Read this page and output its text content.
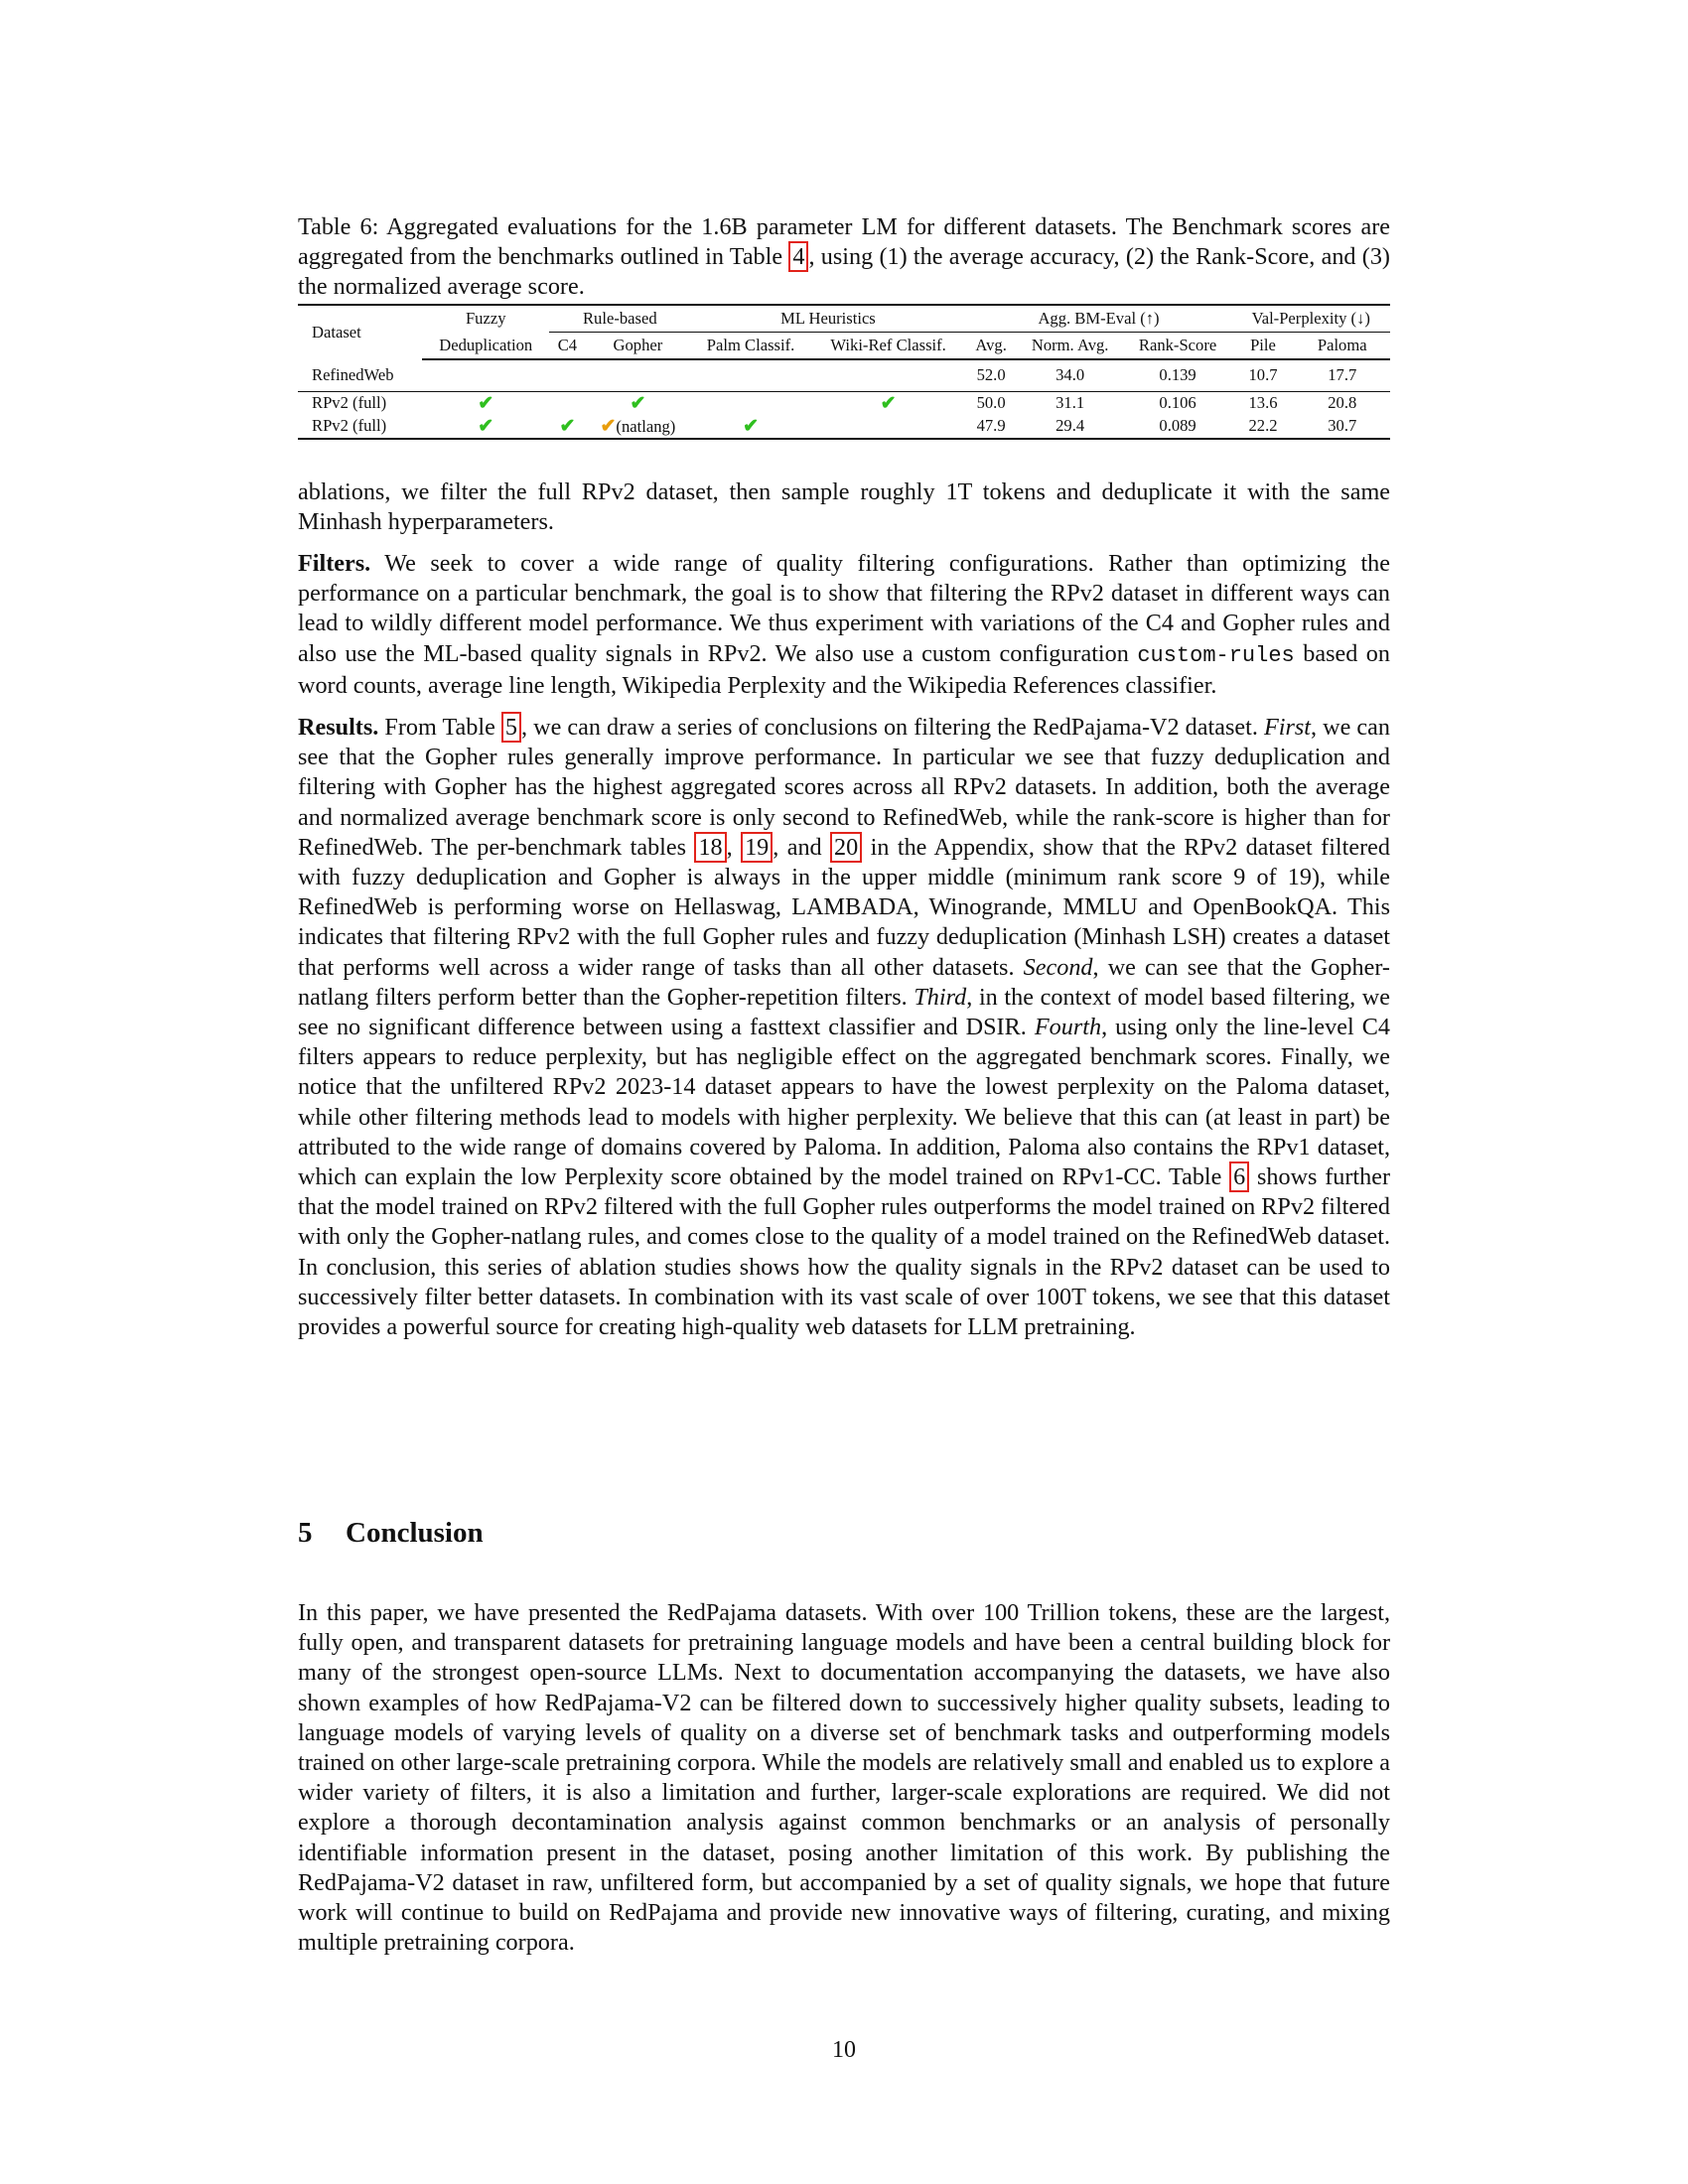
Table 6: Aggregated evaluations for the 1.6B parameter LM for different datasets. The Benchmark scores are aggregated from the benchmarks outlined in Table 4 , using (1) the average accuracy, (2) the Rank-Score, and (3) the normalized average score.

Dataset	Fuzzy	Rule-based		ML Heuristics		Agg. BM-Eval (↑)			Val-Perplexity (↓)	
	Deduplication	C4	Gopher	Palm Classif.	Wiki-Ref Classif.	Avg.	Norm. Avg.	Rank-Score	Pile	Paloma
RefinedWeb						52.0	34.0	0.139	10.7	17.7
RPv2 (full)	✔		✔		✔	50.0	31.1	0.106	13.6	20.8
RPv2 (full)	✔	✔	✔(natlang)	✔		47.9	29.4	0.089	22.2	30.7

ablations, we filter the full RPv2 dataset, then sample roughly 1T tokens and deduplicate it with the same Minhash hyperparameters.

Filters. We seek to cover a wide range of quality filtering configurations. Rather than optimizing the performance on a particular benchmark, the goal is to show that filtering the RPv2 dataset in different ways can lead to wildly different model performance. We thus experiment with variations of the C4 and Gopher rules and also use the ML-based quality signals in RPv2. We also use a custom configuration custom-rules based on word counts, average line length, Wikipedia Perplexity and the Wikipedia References classifier.

Results. From Table 5 , we can draw a series of conclusions on filtering the RedPajama-V2 dataset. First, we can see that the Gopher rules generally improve performance. In particular we see that fuzzy deduplication and filtering with Gopher has the highest aggregated scores across all RPv2 datasets. In addition, both the average and normalized average benchmark score is only second to RefinedWeb, while the rank-score is higher than for RefinedWeb. The per-benchmark tables 18 , 19 , and 20 in the Appendix, show that the RPv2 dataset filtered with fuzzy deduplication and Gopher is always in the upper middle (minimum rank score 9 of 19), while RefinedWeb is performing worse on Hellaswag, LAMBADA, Winogrande, MMLU and OpenBookQA. This indicates that filtering RPv2 with the full Gopher rules and fuzzy deduplication (Minhash LSH) creates a dataset that performs well across a wider range of tasks than all other datasets. Second, we can see that the Gopher-natlang filters perform better than the Gopher-repetition filters. Third, in the context of model based filtering, we see no significant difference between using a fasttext classifier and DSIR. Fourth, using only the line-level C4 filters appears to reduce perplexity, but has negligible effect on the aggregated benchmark scores. Finally, we notice that the unfiltered RPv2 2023-14 dataset appears to have the lowest perplexity on the Paloma dataset, while other filtering methods lead to models with higher perplexity. We believe that this can (at least in part) be attributed to the wide range of domains covered by Paloma. In addition, Paloma also contains the RPv1 dataset, which can explain the low Perplexity score obtained by the model trained on RPv1-CC. Table 6 shows further that the model trained on RPv2 filtered with the full Gopher rules outperforms the model trained on RPv2 filtered with only the Gopher-natlang rules, and comes close to the quality of a model trained on the RefinedWeb dataset. In conclusion, this series of ablation studies shows how the quality signals in the RPv2 dataset can be used to successively filter better datasets. In combination with its vast scale of over 100T tokens, we see that this dataset provides a powerful source for creating high-quality web datasets for LLM pretraining.

5 Conclusion

In this paper, we have presented the RedPajama datasets. With over 100 Trillion tokens, these are the largest, fully open, and transparent datasets for pretraining language models and have been a central building block for many of the strongest open-source LLMs. Next to documentation accompanying the datasets, we have also shown examples of how RedPajama-V2 can be filtered down to successively higher quality subsets, leading to language models of varying levels of quality on a diverse set of benchmark tasks and outperforming models trained on other large-scale pretraining corpora. While the models are relatively small and enabled us to explore a wider variety of filters, it is also a limitation and further, larger-scale explorations are required. We did not explore a thorough decontamination analysis against common benchmarks or an analysis of personally identifiable information present in the dataset, posing another limitation of this work. By publishing the RedPajama-V2 dataset in raw, unfiltered form, but accompanied by a set of quality signals, we hope that future work will continue to build on RedPajama and provide new innovative ways of filtering, curating, and mixing multiple pretraining corpora.

10
